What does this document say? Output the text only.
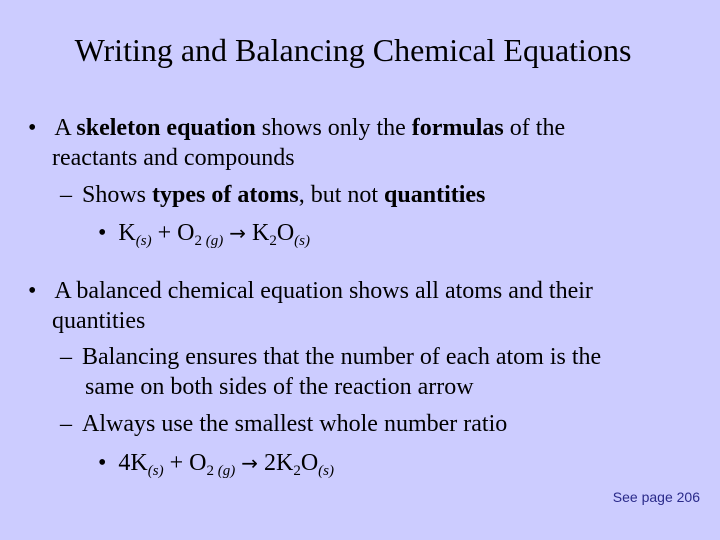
Writing and Balancing Chemical Equations
• A skeleton equation shows only the formulas of the
reactants and compounds
– Shows types of atoms, but not quantities
• $K_{(s)} + O_2$ $_{(g)} \to K_2O_{(s)}$
• A balanced chemical equation shows all atoms and their
quantities
– Balancing ensures that the number of each atom is the
same on both sides of the reaction arrow
– Always use the smallest whole number ratio
• $4K_{(s)} + O_2$ $_{(g)} \to 2K_2O_{(s)}$
See page 206
